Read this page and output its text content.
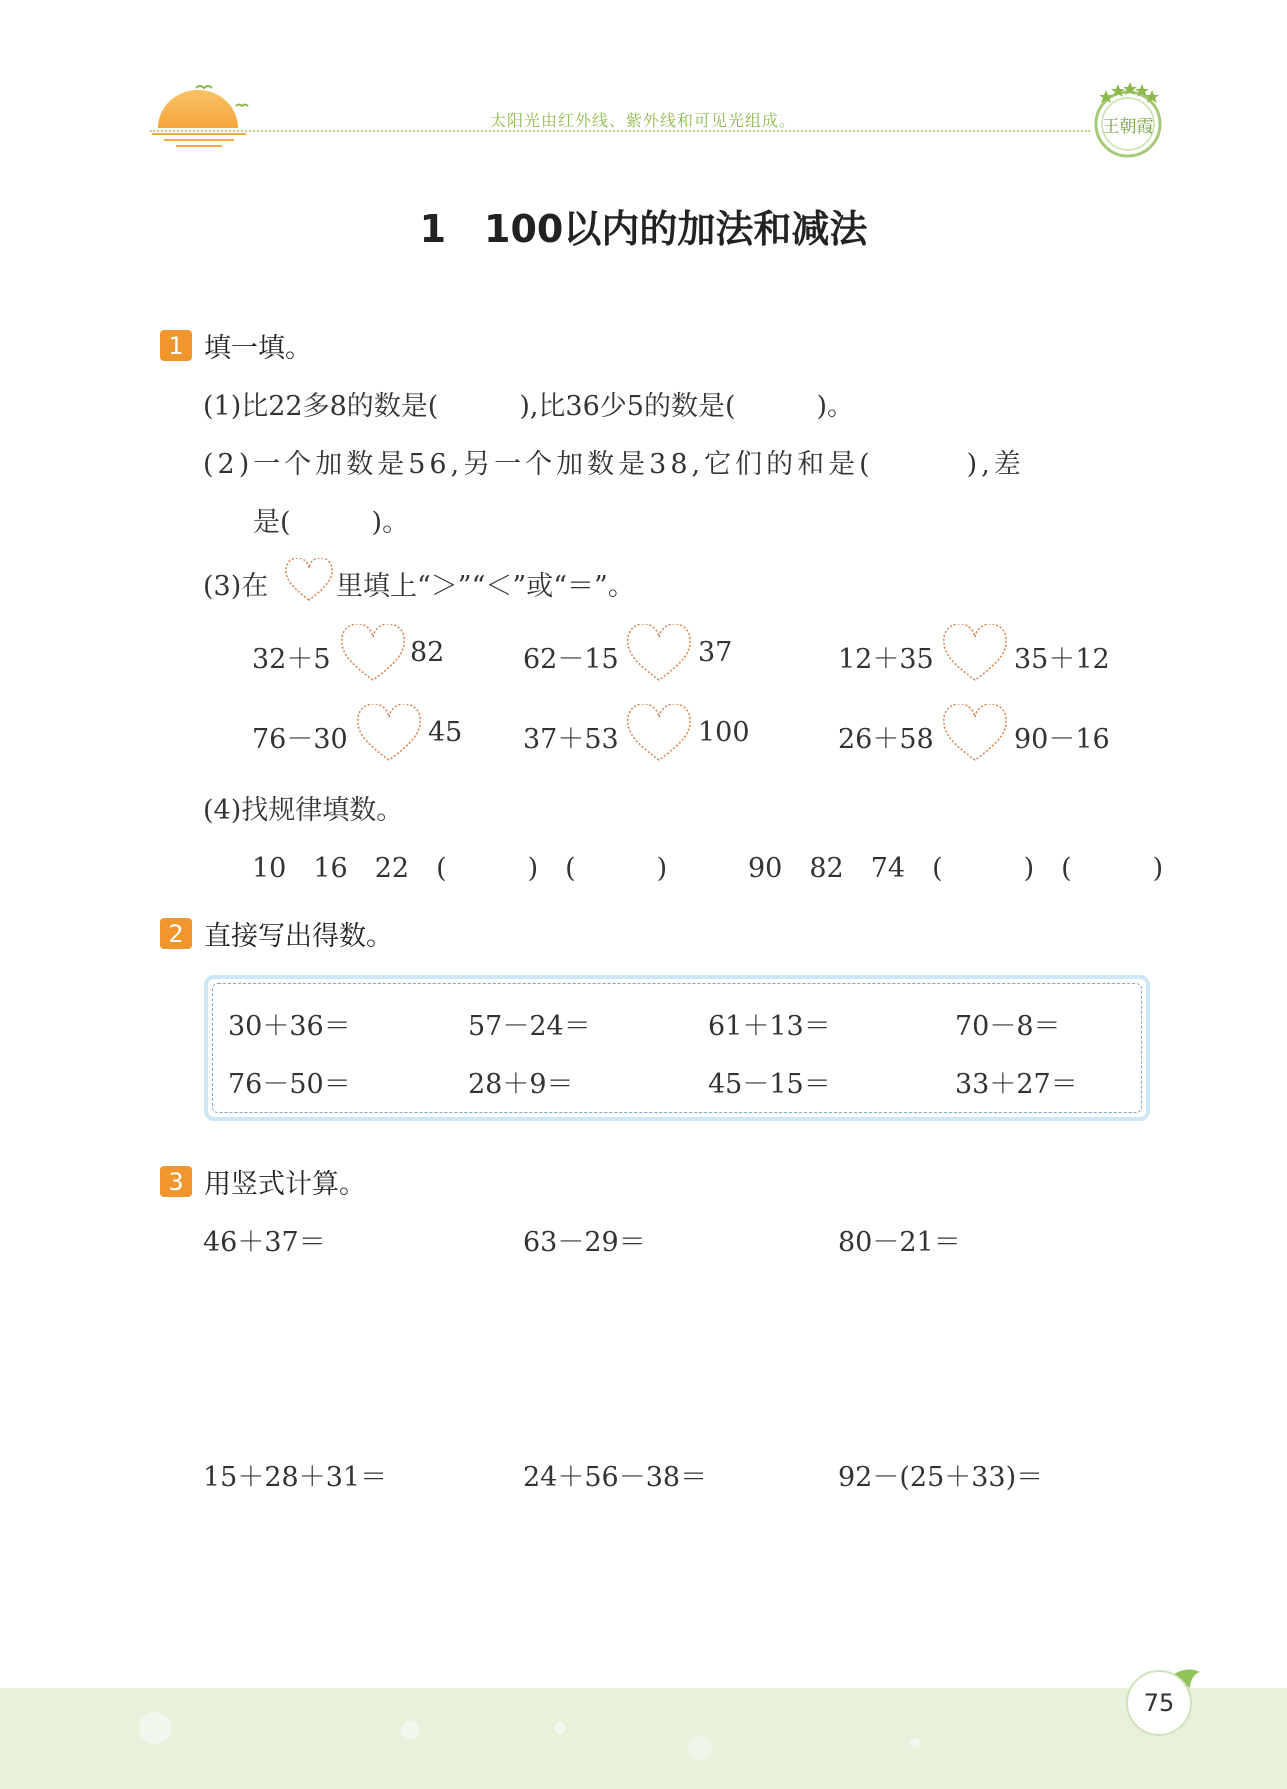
太阳光由红外线、紫外线和可见光组成。	王朝霞
1　100以内的加法和减法
1 填一填。
(1)比22多8的数是(　　　),比36少5的数是(　　　)。
(2)一个加数是56,另一个加数是38,它们的和是(　　　),差
是(　　　)。
(3)在	里填上“＞”“＜”或“＝”。
32＋5	82	62－15	37	12＋35	35＋12
76－30	45 37＋53	100	26＋58	90－16
(4)找规律填数。
10　16　22　(　　　)　(　　　)	90　82　74　(　　　)　(　　　)
2 直接写出得数。
30＋36＝	57－24＝	61＋13＝	70－8＝
76－50＝	28＋9＝	45－15＝	33＋27＝
3 用竖式计算。
46＋37＝	63－29＝	80－21＝
15＋28＋31＝	24＋56－38＝	92－(25＋33)＝
75
